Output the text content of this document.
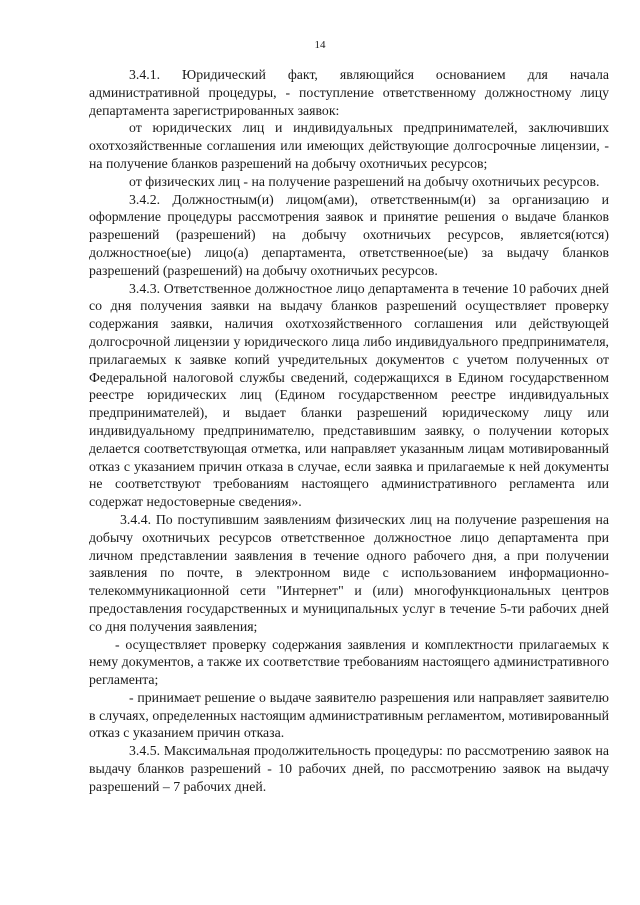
14

3.4.1. Юридический факт, являющийся основанием для начала административной процедуры, - поступление ответственному должностному лицу департамента зарегистрированных заявок:

от юридических лиц и индивидуальных предпринимателей, заключивших охотхозяйственные соглашения или имеющих действующие долгосрочные лицензии, - на получение бланков разрешений на добычу охотничьих ресурсов;

от физических лиц - на получение разрешений на добычу охотничьих ресурсов.

3.4.2. Должностным(и) лицом(ами), ответственным(и) за организацию и оформление процедуры рассмотрения заявок и принятие решения о выдаче бланков разрешений (разрешений) на добычу охотничьих ресурсов, является(ются) должностное(ые) лицо(а) департамента, ответственное(ые) за выдачу бланков разрешений (разрешений) на добычу охотничьих ресурсов.

3.4.3. Ответственное должностное лицо департамента в течение 10 рабочих дней со дня получения заявки на выдачу бланков разрешений осуществляет проверку содержания заявки, наличия охотхозяйственного соглашения или действующей долгосрочной лицензии у юридического лица либо индивидуального предпринимателя, прилагаемых к заявке копий учредительных документов с учетом полученных от Федеральной налоговой службы сведений, содержащихся в Едином государственном реестре юридических лиц (Едином государственном реестре индивидуальных предпринимателей), и выдает бланки разрешений юридическому лицу или индивидуальному предпринимателю, представившим заявку, о получении которых делается соответствующая отметка, или направляет указанным лицам мотивированный отказ с указанием причин отказа в случае, если заявка и прилагаемые к ней документы не соответствуют требованиям настоящего административного регламента или содержат недостоверные сведения».

3.4.4. По поступившим заявлениям физических лиц на получение разрешения на добычу охотничьих ресурсов ответственное должностное лицо департамента при личном представлении заявления в течение одного рабочего дня, а при получении заявления по почте, в электронном виде с использованием информационно-телекоммуникационной сети "Интернет" и (или) многофункциональных центров предоставления государственных и муниципальных услуг в течение 5-ти рабочих дней со дня получения заявления;

- осуществляет проверку содержания заявления и комплектности прилагаемых к нему документов, а также их соответствие требованиям настоящего административного регламента;

- принимает решение о выдаче заявителю разрешения или направляет заявителю в случаях, определенных настоящим административным регламентом, мотивированный отказ с указанием причин отказа.

3.4.5. Максимальная продолжительность процедуры: по рассмотрению заявок на выдачу бланков разрешений - 10 рабочих дней, по рассмотрению заявок на выдачу разрешений – 7 рабочих дней.
